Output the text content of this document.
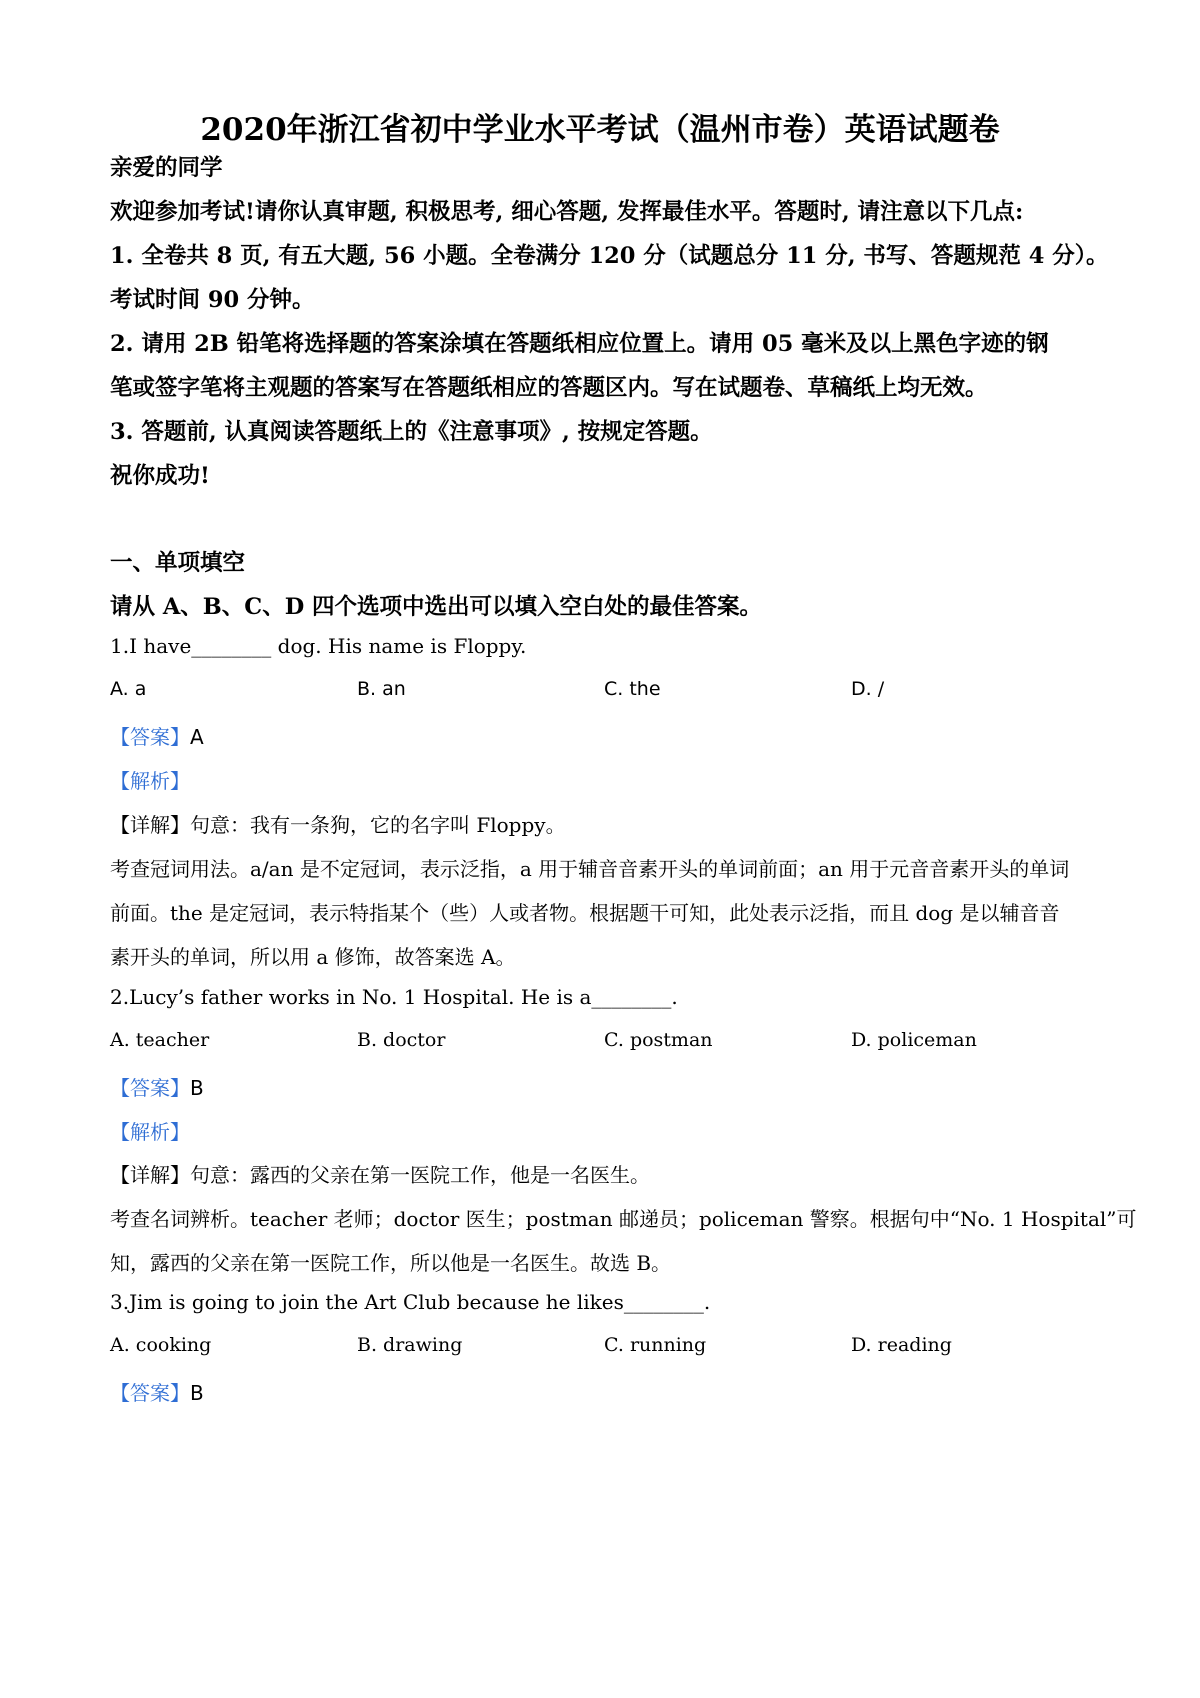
2020年浙江省初中学业水平考试（温州市卷）英语试题卷
亲爱的同学
欢迎参加考试!请你认真审题, 积极思考, 细心答题, 发挥最佳水平。答题时, 请注意以下几点:
1. 全卷共 8 页, 有五大题, 56 小题。全卷满分 120 分（试题总分 11 分, 书写、答题规范 4 分）。
考试时间 90 分钟。
2. 请用 2B 铅笔将选择题的答案涂填在答题纸相应位置上。请用 05 毫米及以上黑色字迹的钢
笔或签字笔将主观题的答案写在答题纸相应的答题区内。写在试题卷、草稿纸上均无效。
3. 答题前, 认真阅读答题纸上的《注意事项》, 按规定答题。
祝你成功!
一、单项填空
请从 A、B、C、D 四个选项中选出可以填入空白处的最佳答案。
1.I have________ dog. His name is Floppy.
A. a	B. an	C. the	D. /
【答案】A
【解析】
【详解】句意：我有一条狗，它的名字叫 Floppy。
考查冠词用法。a/an 是不定冠词，表示泛指，a 用于辅音音素开头的单词前面；an 用于元音音素开头的单词
前面。the 是定冠词，表示特指某个（些）人或者物。根据题干可知，此处表示泛指，而且 dog 是以辅音音
素开头的单词，所以用 a 修饰，故答案选 A。
2.Lucy’s father works in No. 1 Hospital. He is a________.
A. teacher	B. doctor	C. postman	D. policeman
【答案】B
【解析】
【详解】句意：露西的父亲在第一医院工作，他是一名医生。
考查名词辨析。teacher 老师；doctor 医生；postman 邮递员；policeman 警察。根据句中“No. 1 Hospital”可
知，露西的父亲在第一医院工作，所以他是一名医生。故选 B。
3.Jim is going to join the Art Club because he likes________.
A. cooking	B. drawing	C. running	D. reading
【答案】B
